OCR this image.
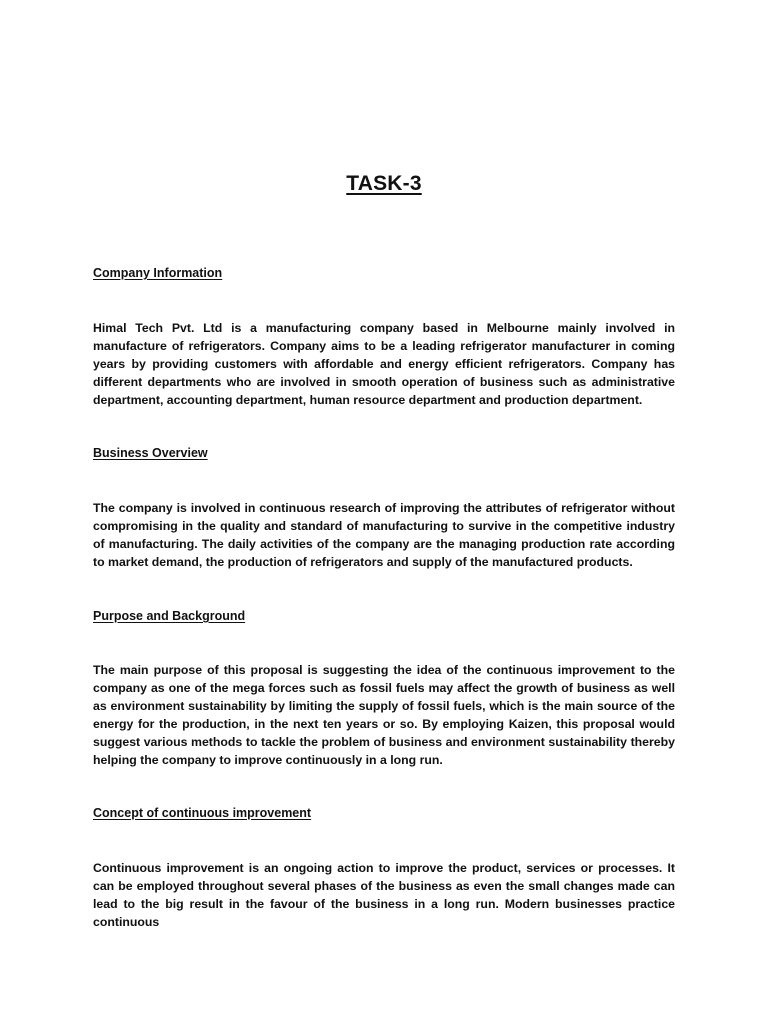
TASK-3
Company Information
Himal Tech Pvt. Ltd is a manufacturing company based in Melbourne mainly involved in manufacture of refrigerators. Company aims to be a leading refrigerator manufacturer in coming years by providing customers with affordable and energy efficient refrigerators. Company has different departments who are involved in smooth operation of business such as administrative department, accounting department, human resource department and production department.
Business Overview
The company is involved in continuous research of improving the attributes of refrigerator without compromising in the quality and standard of manufacturing to survive in the competitive industry of manufacturing. The daily activities of the company are the managing production rate according to market demand, the production of refrigerators and supply of the manufactured products.
Purpose and Background
The main purpose of this proposal is suggesting the idea of the continuous improvement to the company as one of the mega forces such as fossil fuels may affect the growth of business as well as environment sustainability by limiting the supply of fossil fuels, which is the main source of the energy for the production, in the next ten years or so. By employing Kaizen, this proposal would suggest various methods to tackle the problem of business and environment sustainability thereby helping the company to improve continuously in a long run.
Concept of continuous improvement
Continuous improvement is an ongoing action to improve the product, services or processes. It can be employed throughout several phases of the business as even the small changes made can lead to the big result in the favour of the business in a long run. Modern businesses practice continuous
